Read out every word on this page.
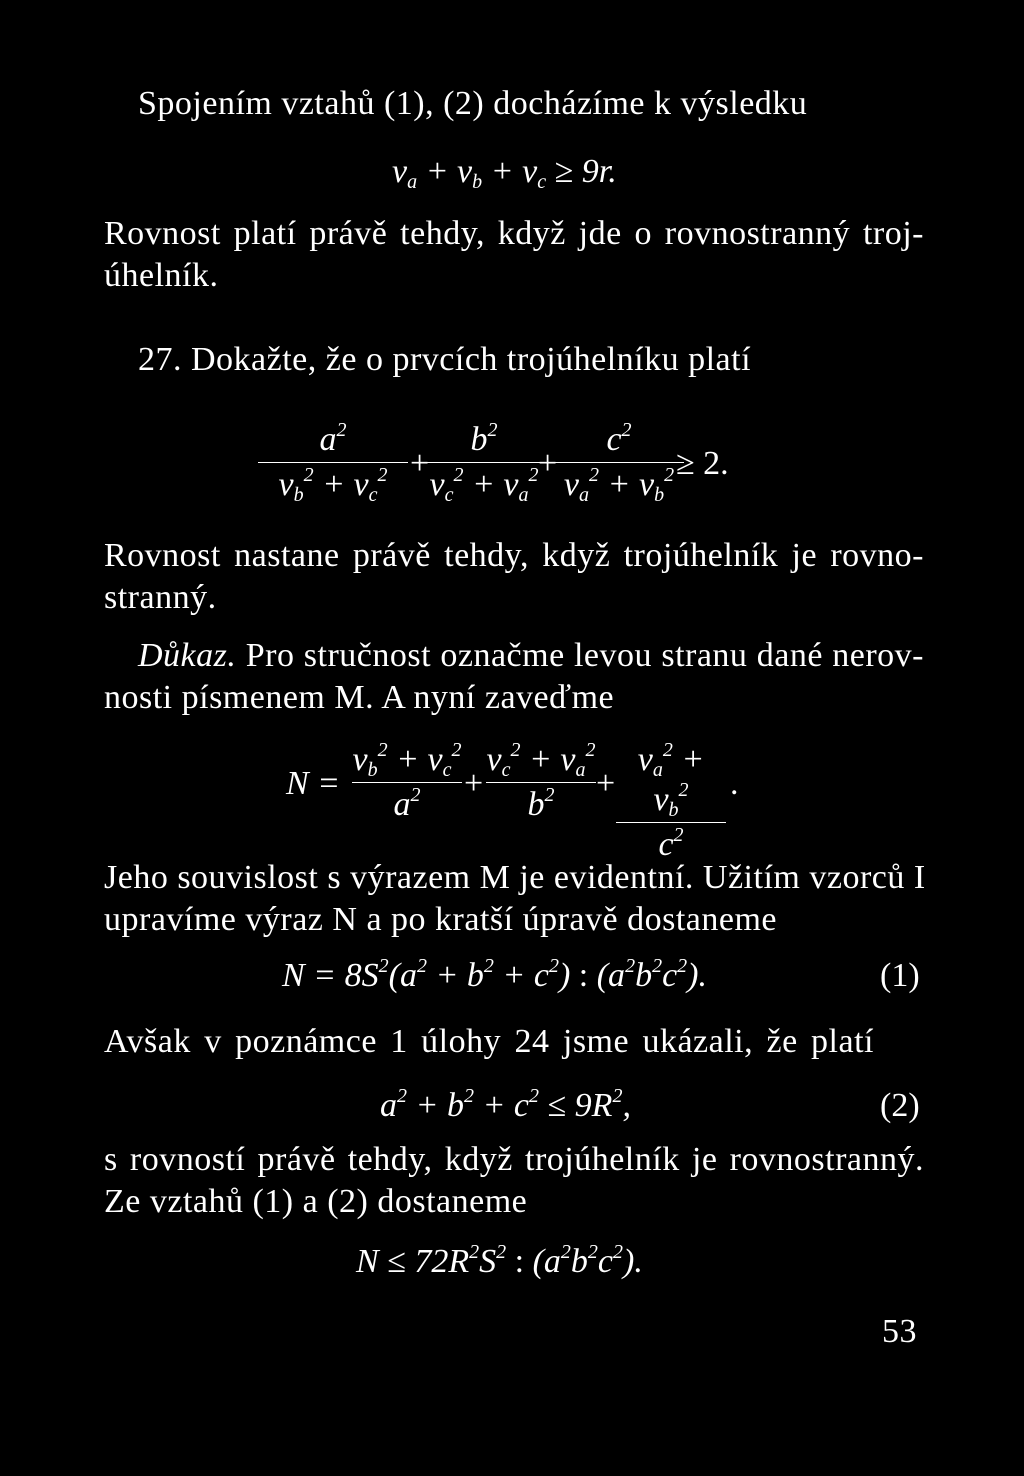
Spojením vztahů (1), (2) docházíme k výsledku
$v_a + v_b + v_c \ge 9r$.
Rovnost platí právě tehdy, když jde o rovnostranný troj-
úhelník.
27. Dokažte, že o prvcích trojúhelníku platí
$a^2$
$v_b^2 + v_c^2$ +
$b^2$
$v_c^2 + v_a^2$ +
$c^2$
$v_a^2 + v_b^2 \ge 2$.
Rovnost nastane právě tehdy, když trojúhelník je rovno-
stranný.
Důkaz. Pro stručnost označme levou stranu dané nerov-
nosti písmenem M. A nyní zaveďme
N =
$v_b^2 + v_c^2$
$a^2$	+
$v_c^2 + v_a^2$
$b^2$	+
$v_a^2 + v_b^2$
$c^2$
.
Jeho souvislost s výrazem M je evidentní. Užitím vzorců I
upravíme výraz N a po kratší úpravě dostaneme
$N = 8S^2(a^2 + b^2 + c^2)$ : $(a^2b^2c^2)$.	(1)
Avšak v poznámce 1 úlohy 24 jsme ukázali, že platí
$a^2 + b^2 + c^2 \le 9R^2$,	(2)
s rovností právě tehdy, když trojúhelník je rovnostranný.
Ze vztahů (1) a (2) dostaneme
$N \le 72R^2S^2$ : $(a^2b^2c^2)$.
53
